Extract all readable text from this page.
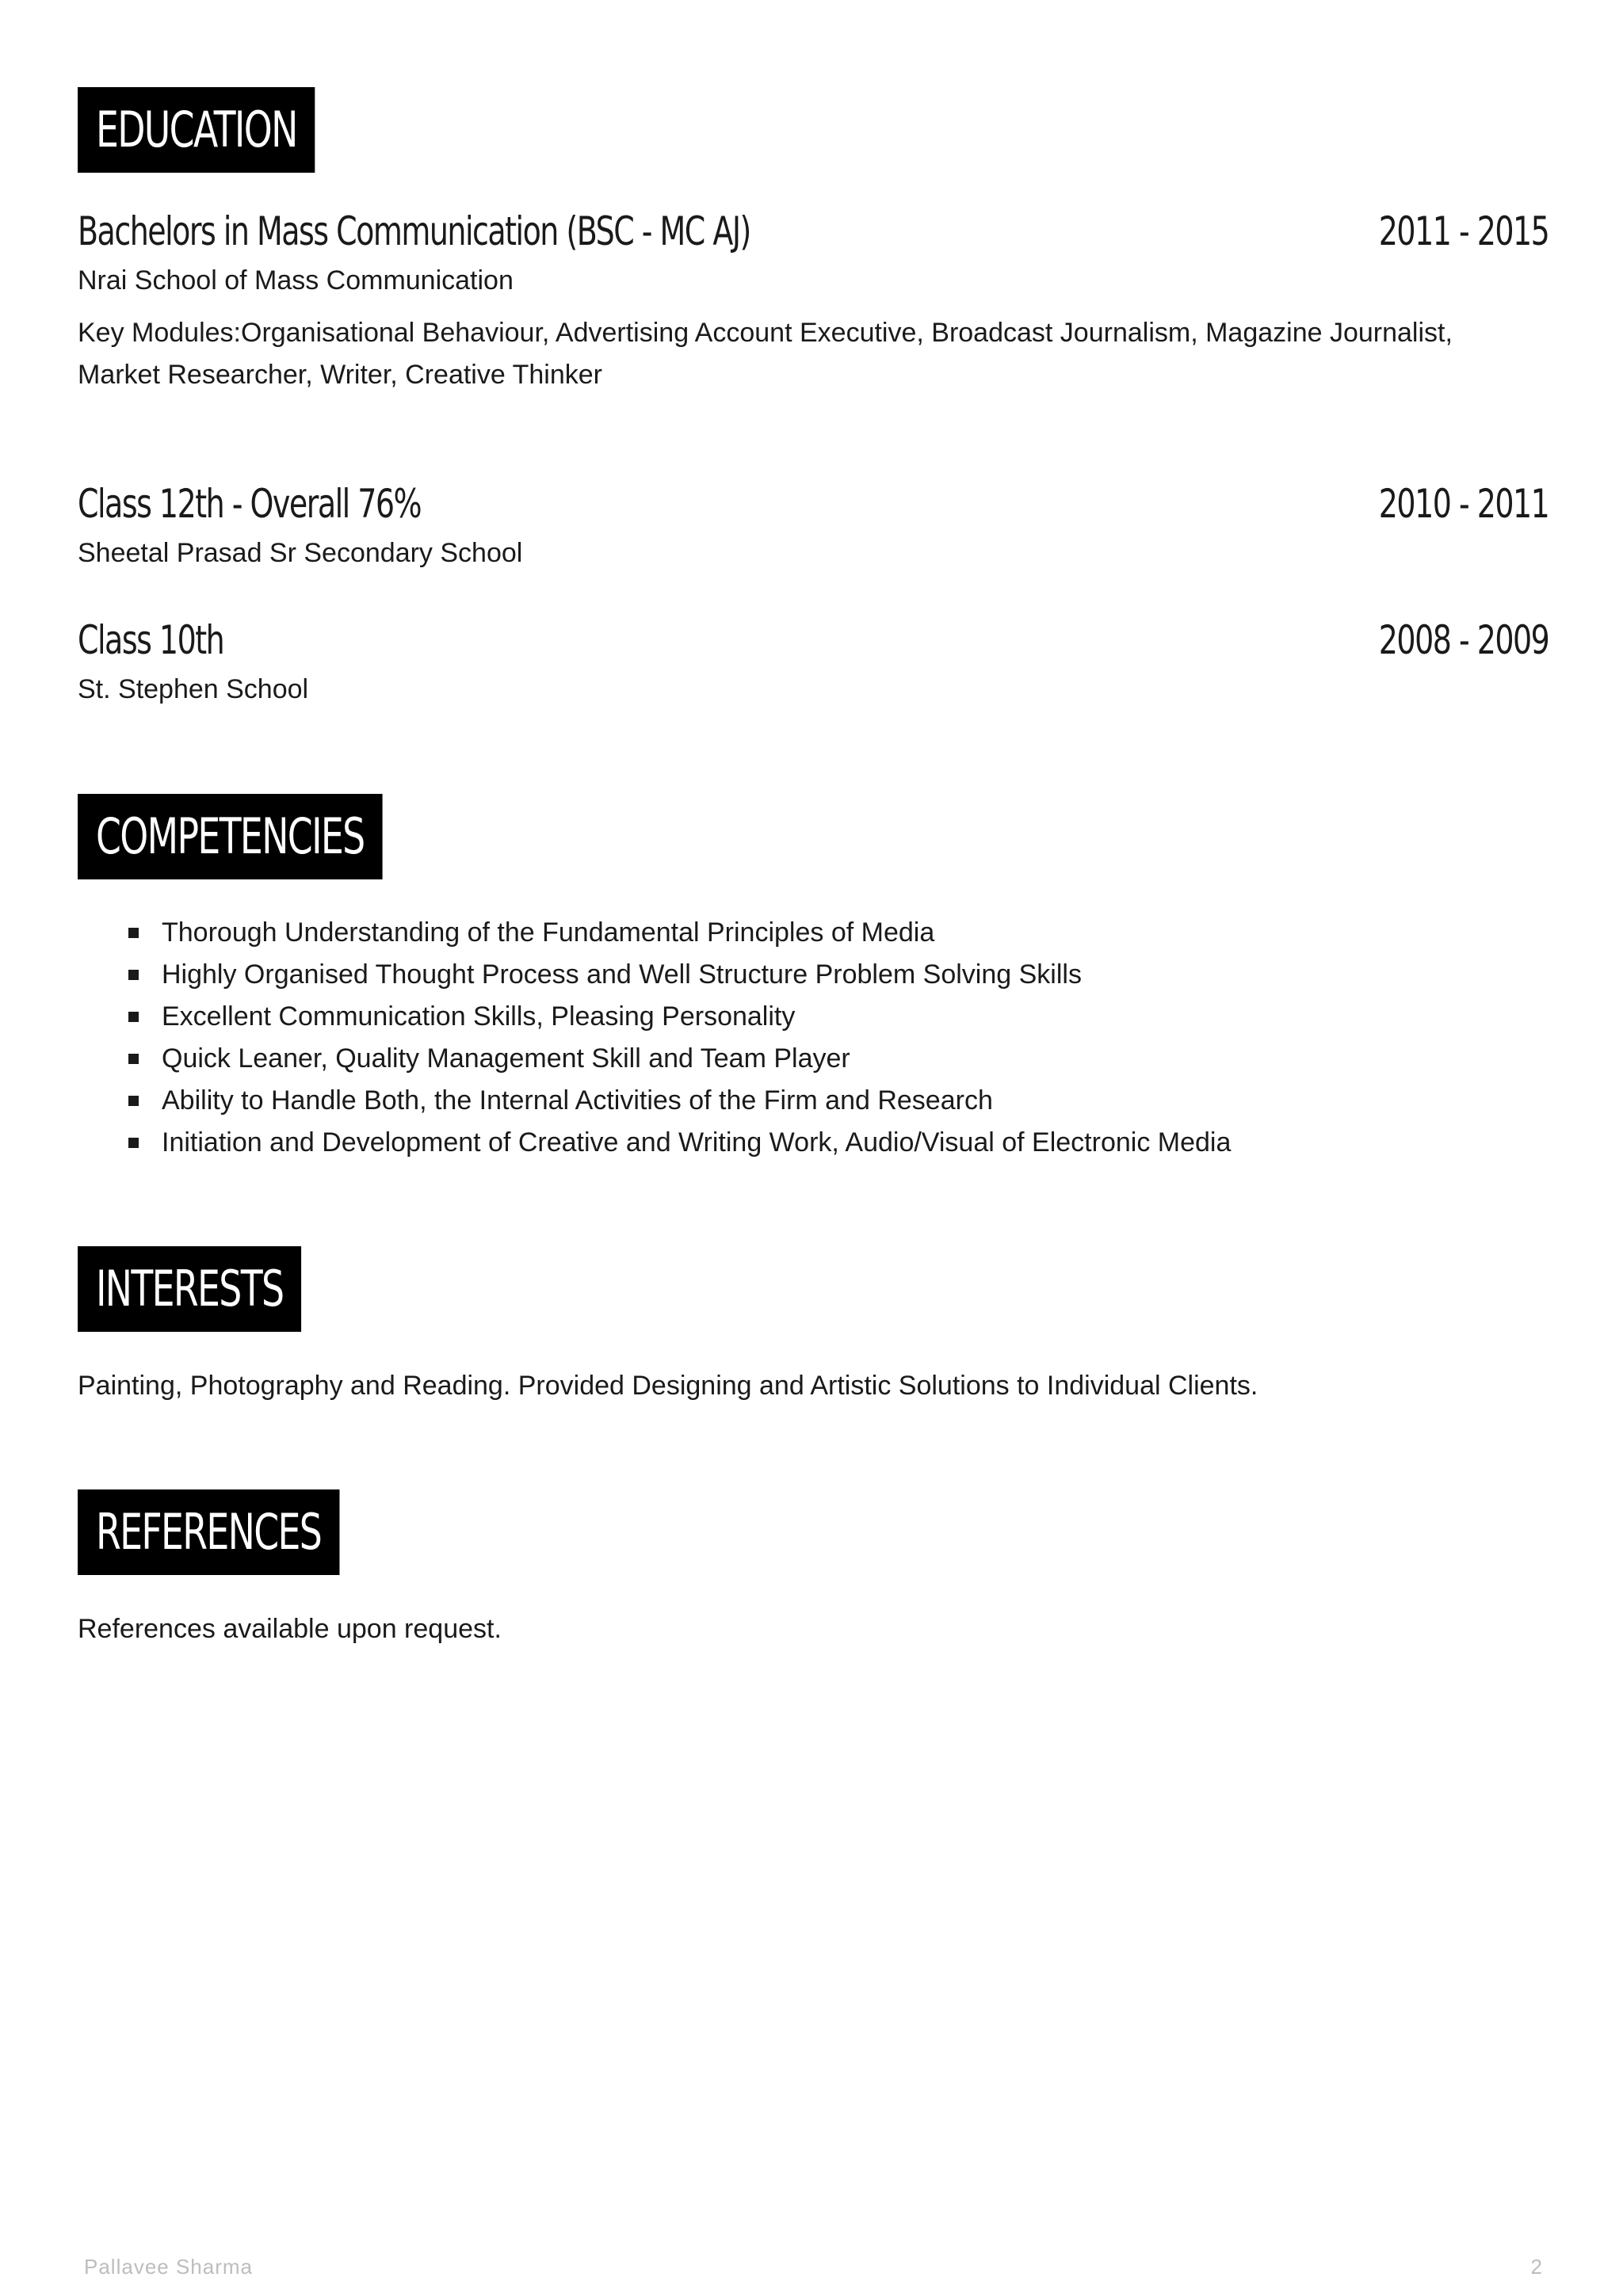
EDUCATION
Bachelors in Mass Communication (BSC - MC AJ)	2011 - 2015
Nrai School of Mass Communication
Key Modules:Organisational Behaviour, Advertising Account Executive, Broadcast Journalism, Magazine Journalist,
Market Researcher, Writer, Creative Thinker
Class 12th - Overall 76%	2010 - 2011
Sheetal Prasad Sr Secondary School
Class 10th	2008 - 2009
St. Stephen School
COMPETENCIES
Thorough Understanding of the Fundamental Principles of Media
Highly Organised Thought Process and Well Structure Problem Solving Skills
Excellent Communication Skills, Pleasing Personality
Quick Leaner, Quality Management Skill and Team Player
Ability to Handle Both, the Internal Activities of the Firm and Research
Initiation and Development of Creative and Writing Work, Audio/Visual of Electronic Media
INTERESTS
Painting, Photography and Reading. Provided Designing and Artistic Solutions to Individual Clients.
REFERENCES
References available upon request.
Pallavee Sharma	2
